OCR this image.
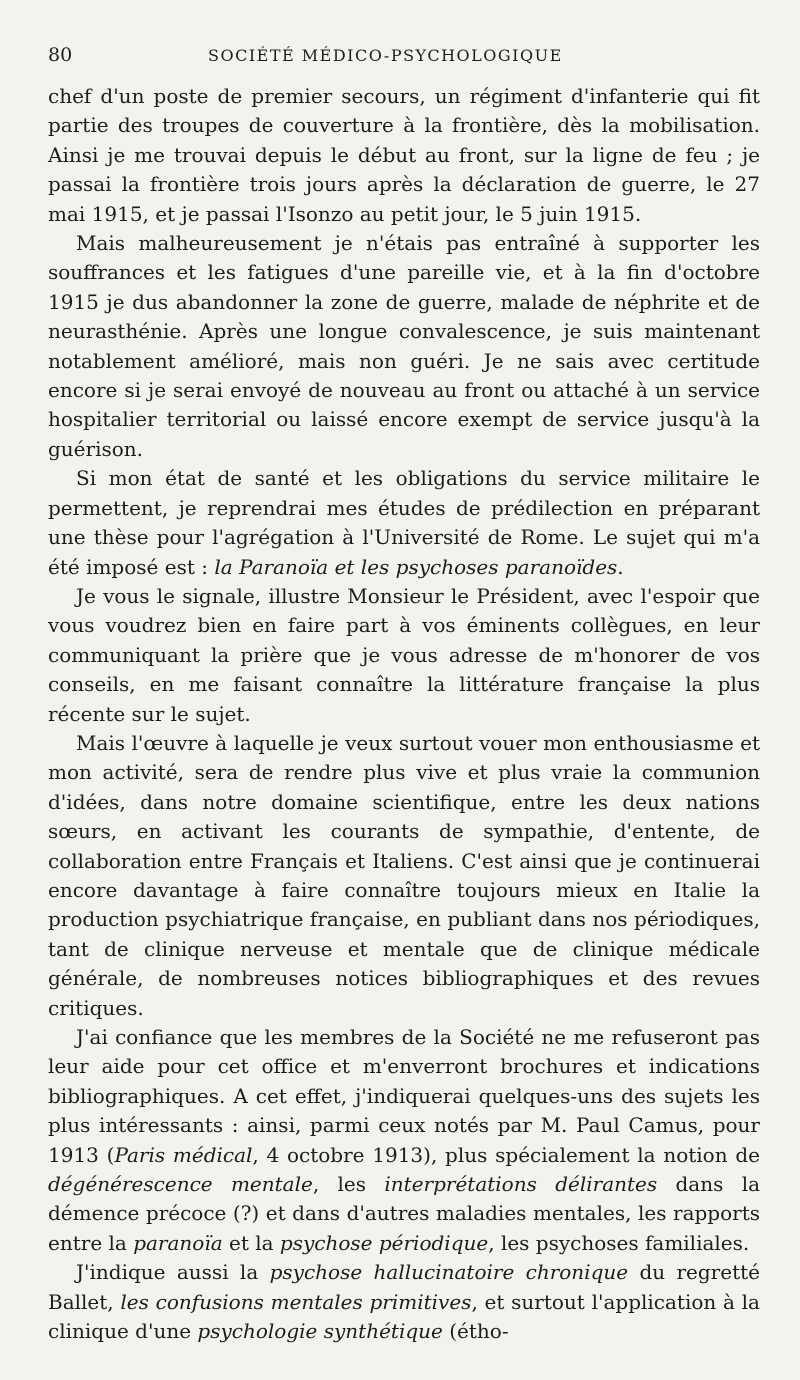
80	SOCIÉTÉ MÉDICO-PSYCHOLOGIQUE

chef d'un poste de premier secours, un régiment d'infanterie qui fit partie des troupes de couverture à la frontière, dès la mobilisation. Ainsi je me trouvai depuis le début au front, sur la ligne de feu ; je passai la frontière trois jours après la déclaration de guerre, le 27 mai 1915, et je passai l'Isonzo au petit jour, le 5 juin 1915.

Mais malheureusement je n'étais pas entraîné à supporter les souffrances et les fatigues d'une pareille vie, et à la fin d'octobre 1915 je dus abandonner la zone de guerre, malade de néphrite et de neurasthénie. Après une longue convalescence, je suis maintenant notablement amélioré, mais non guéri. Je ne sais avec certitude encore si je serai envoyé de nouveau au front ou attaché à un service hospitalier territorial ou laissé encore exempt de service jusqu'à la guérison.

Si mon état de santé et les obligations du service militaire le permettent, je reprendrai mes études de prédilection en préparant une thèse pour l'agrégation à l'Université de Rome. Le sujet qui m'a été imposé est : la Paranoïa et les psychoses paranoïdes.

Je vous le signale, illustre Monsieur le Président, avec l'espoir que vous voudrez bien en faire part à vos éminents collègues, en leur communiquant la prière que je vous adresse de m'honorer de vos conseils, en me faisant connaître la littérature française la plus récente sur le sujet.

Mais l'œuvre à laquelle je veux surtout vouer mon enthousiasme et mon activité, sera de rendre plus vive et plus vraie la communion d'idées, dans notre domaine scientifique, entre les deux nations sœurs, en activant les courants de sympathie, d'entente, de collaboration entre Français et Italiens. C'est ainsi que je continuerai encore davantage à faire connaître toujours mieux en Italie la production psychiatrique française, en publiant dans nos périodiques, tant de clinique nerveuse et mentale que de clinique médicale générale, de nombreuses notices bibliographiques et des revues critiques.

J'ai confiance que les membres de la Société ne me refuseront pas leur aide pour cet office et m'enverront brochures et indications bibliographiques. A cet effet, j'indiquerai quelques-uns des sujets les plus intéressants : ainsi, parmi ceux notés par M. Paul Camus, pour 1913 (Paris médical, 4 octobre 1913), plus spécialement la notion de dégénérescence mentale, les interprétations délirantes dans la démence précoce (?) et dans d'autres maladies mentales, les rapports entre la paranoïa et la psychose périodique, les psychoses familiales.

J'indique aussi la psychose hallucinatoire chronique du regretté Ballet, les confusions mentales primitives, et surtout l'application à la clinique d'une psychologie synthétique (étho-
